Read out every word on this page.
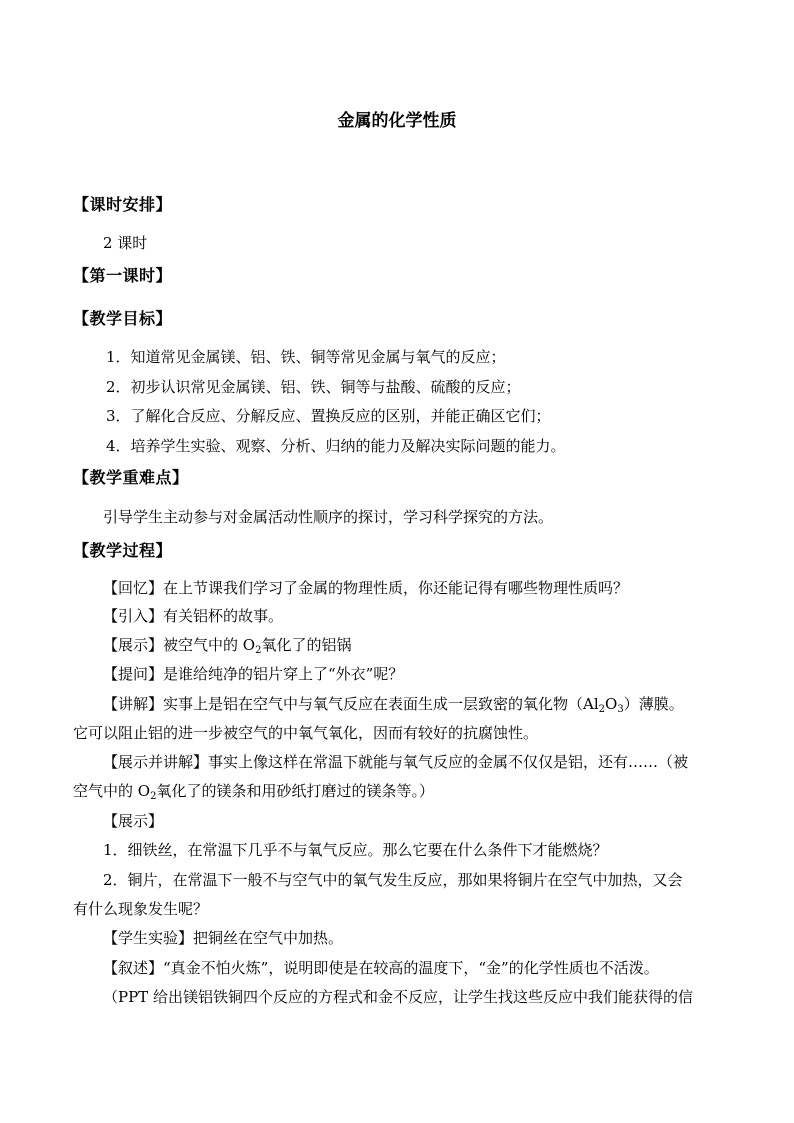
金属的化学性质
【课时安排】
2 课时
【第一课时】
【教学目标】
1．知道常见金属镁、铝、铁、铜等常见金属与氧气的反应；
2．初步认识常见金属镁、铝、铁、铜等与盐酸、硫酸的反应；
3．了解化合反应、分解反应、置换反应的区别，并能正确区它们；
4．培养学生实验、观察、分析、归纳的能力及解决实际问题的能力。
【教学重难点】
引导学生主动参与对金属活动性顺序的探讨，学习科学探究的方法。
【教学过程】
【回忆】在上节课我们学习了金属的物理性质，你还能记得有哪些物理性质吗？
【引入】有关铝杯的故事。
【展示】被空气中的 $O_2$氧化了的铝锅
【提问】是谁给纯净的铝片穿上了“外衣”呢？
【讲解】实事上是铝在空气中与氧气反应在表面生成一层致密的氧化物$(Al_2O_3)$薄膜。
它可以阻止铝的进一步被空气的中氧气氧化，因而有较好的抗腐蚀性。
【展示并讲解】事实上像这样在常温下就能与氧气反应的金属不仅仅是铝，还有……（被
空气中的 $O_2$氧化了的镁条和用砂纸打磨过的镁条等。）
【展示】
1．细铁丝，在常温下几乎不与氧气反应。那么它要在什么条件下才能燃烧？
2．铜片，在常温下一般不与空气中的氧气发生反应，那如果将铜片在空气中加热，又会
有什么现象发生呢？
【学生实验】把铜丝在空气中加热。
【叙述】“真金不怕火炼”，说明即使是在较高的温度下，“金”的化学性质也不活泼。
（PPT 给出镁铝铁铜四个反应的方程式和金不反应，让学生找这些反应中我们能获得的信
